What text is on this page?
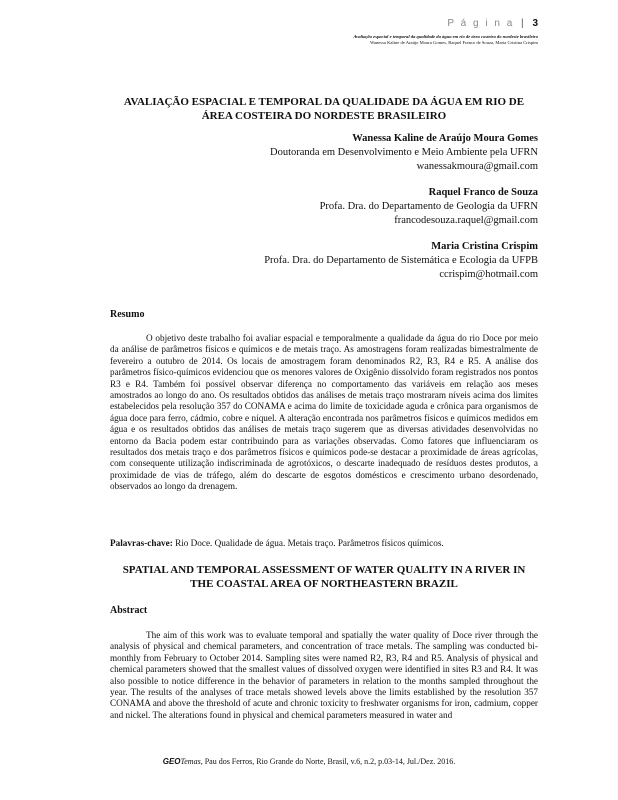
P á g i n a | 3
Avaliação espacial e temporal da qualidade da água em rio de área costeira do nordeste brasileiro
Wanessa Kaline de Araújo Moura Gomes, Raquel Franco de Souza, Maria Cristina Crispim
AVALIAÇÃO ESPACIAL E TEMPORAL DA QUALIDADE DA ÁGUA EM RIO DE
ÁREA COSTEIRA DO NORDESTE BRASILEIRO
Wanessa Kaline de Araújo Moura Gomes
Doutoranda em Desenvolvimento e Meio Ambiente pela UFRN
wanessakmoura@gmail.com
Raquel Franco de Souza
Profa. Dra. do Departamento de Geologia da UFRN
francodesouza.raquel@gmail.com
Maria Cristina Crispim
Profa. Dra. do Departamento de Sistemática e Ecologia da UFPB
ccrispim@hotmail.com
Resumo
O objetivo deste trabalho foi avaliar espacial e temporalmente a qualidade da água do rio Doce por meio da análise de parâmetros físicos e químicos e de metais traço. As amostragens foram realizadas bimestralmente de fevereiro a outubro de 2014. Os locais de amostragem foram denominados R2, R3, R4 e R5. A análise dos parâmetros físico-químicos evidenciou que os menores valores de Oxigênio dissolvido foram registrados nos pontos R3 e R4. Também foi possível observar diferença no comportamento das variáveis em relação aos meses amostrados ao longo do ano. Os resultados obtidos das análises de metais traço mostraram níveis acima dos limites estabelecidos pela resolução 357 do CONAMA e acima do limite de toxicidade aguda e crônica para organismos de água doce para ferro, cádmio, cobre e níquel. A alteração encontrada nos parâmetros físicos e químicos medidos em água e os resultados obtidos das análises de metais traço sugerem que as diversas atividades desenvolvidas no entorno da Bacia podem estar contribuindo para as variações observadas. Como fatores que influenciaram os resultados dos metais traço e dos parâmetros físicos e químicos pode-se destacar a proximidade de áreas agrícolas, com consequente utilização indiscriminada de agrotóxicos, o descarte inadequado de resíduos destes produtos, a proximidade de vias de tráfego, além do descarte de esgotos domésticos e crescimento urbano desordenado, observados ao longo da drenagem.
Palavras-chave: Rio Doce. Qualidade de água. Metais traço. Parâmetros físicos químicos.
SPATIAL AND TEMPORAL ASSESSMENT OF WATER QUALITY IN A RIVER IN
THE COASTAL AREA OF NORTHEASTERN BRAZIL
Abstract
The aim of this work was to evaluate temporal and spatially the water quality of Doce river through the analysis of physical and chemical parameters, and concentration of trace metals. The sampling was conducted bi-monthly from February to October 2014. Sampling sites were named R2, R3, R4 and R5. Analysis of physical and chemical parameters showed that the smallest values of dissolved oxygen were identified in sites R3 and R4. It was also possible to notice difference in the behavior of parameters in relation to the months sampled throughout the year. The results of the analyses of trace metals showed levels above the limits established by the resolution 357 CONAMA and above the threshold of acute and chronic toxicity to freshwater organisms for iron, cadmium, copper and nickel. The alterations found in physical and chemical parameters measured in water and
GEOTemas, Pau dos Ferros, Rio Grande do Norte, Brasil, v.6, n.2, p.03-14, Jul./Dez. 2016.
